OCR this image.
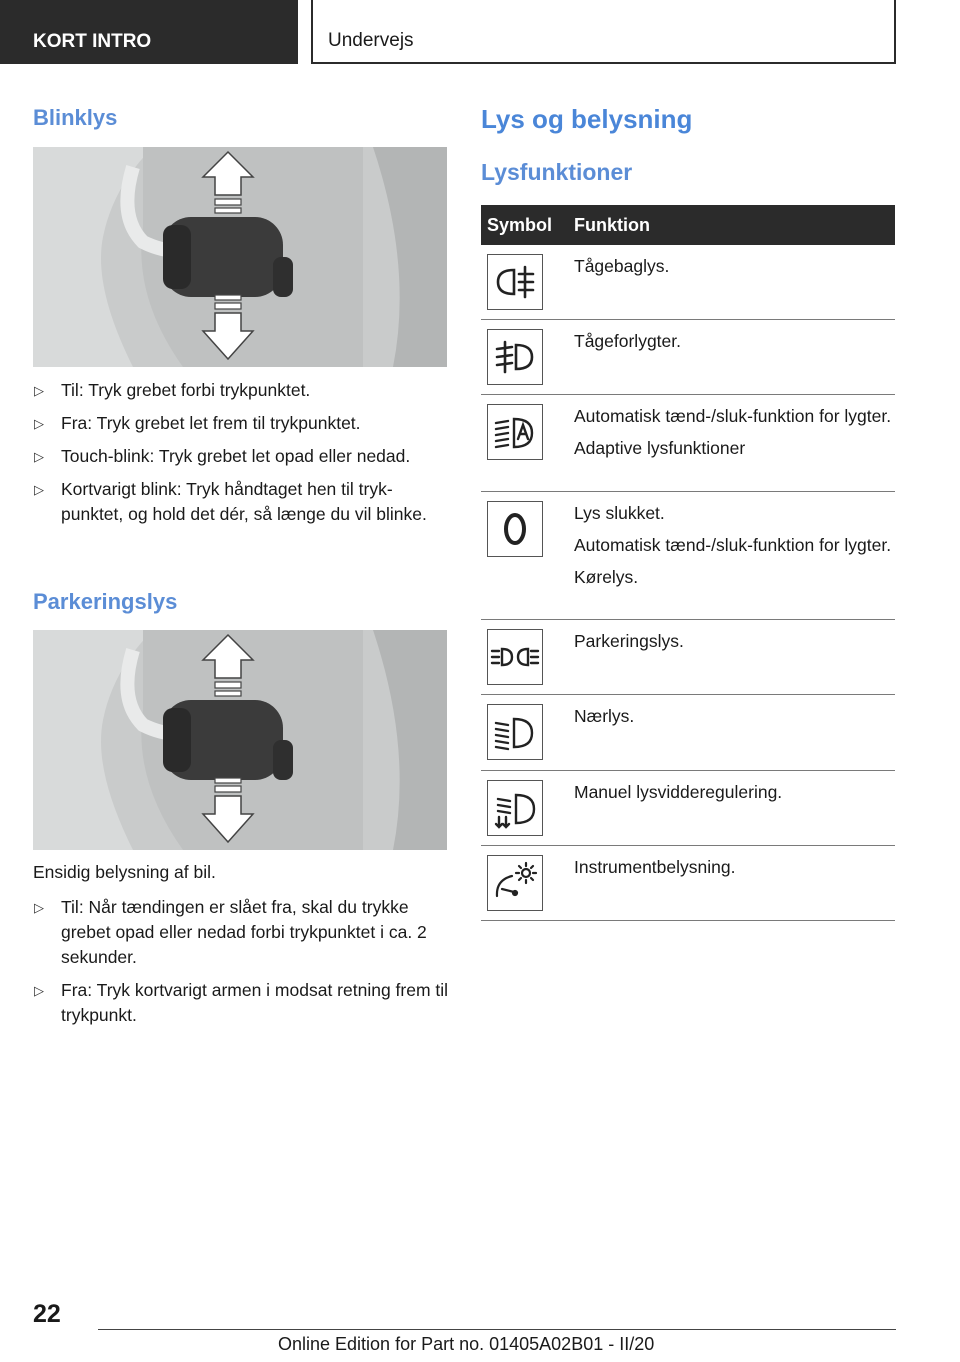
KORT INTRO	Undervejs
Blinklys
▷ Til: Tryk grebet forbi trykpunktet.
▷ Fra: Tryk grebet let frem til trykpunktet.
▷ Touch-blink: Tryk grebet let opad eller nedad.
▷ Kortvarigt blink: Tryk håndtaget hen til tryk-punktet, og hold det dér, så længe du vil blinke.
Parkeringslys
Ensidig belysning af bil.
▷ Til: Når tændingen er slået fra, skal du trykke grebet opad eller nedad forbi trykpunktet i ca. 2 sekunder.
▷ Fra: Tryk kortvarigt armen i modsat retning frem til trykpunkt.
Lys og belysning
Lysfunktioner
Symbol Funktion

Tågebaglys.

Tågeforlygter.

Automatisk tænd-/sluk-funktion for lygter.

Adaptive lysfunktioner

Lys slukket.

Automatisk tænd-/sluk-funktion for lygter.

Kørelys.

Parkeringslys.

Nærlys.

Manuel lysvidderegulering.

Instrumentbelysning.

22
Online Edition for Part no. 01405A02B01 - II/20
